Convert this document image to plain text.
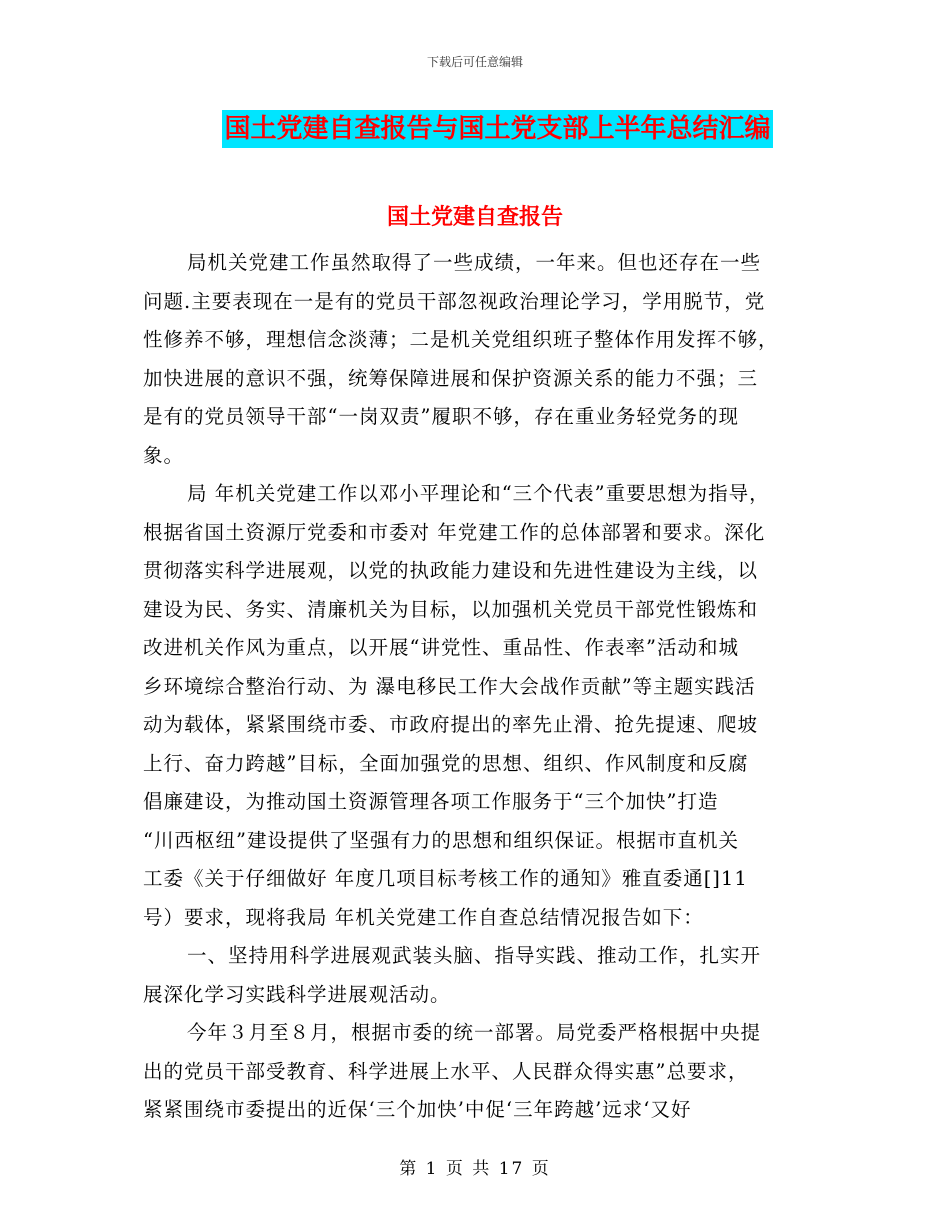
下载后可任意编辑
国土党建自查报告与国土党支部上半年总结汇编
国土党建自查报告
局机关党建工作虽然取得了一些成绩，一年来。但也还存在一些
问题.主要表现在一是有的党员干部忽视政治理论学习，学用脱节，党
性修养不够，理想信念淡薄；二是机关党组织班子整体作用发挥不够，
加快进展的意识不强，统筹保障进展和保护资源关系的能力不强；三
是有的党员领导干部“一岗双责”履职不够，存在重业务轻党务的现
象。
局 年机关党建工作以邓小平理论和“三个代表”重要思想为指导，
根据省国土资源厅党委和市委对 年党建工作的总体部署和要求。深化
贯彻落实科学进展观，以党的执政能力建设和先进性建设为主线，以
建设为民、务实、清廉机关为目标，以加强机关党员干部党性锻炼和
改进机关作风为重点，以开展“讲党性、重品性、作表率”活动和城
乡环境综合整治行动、为 瀑电移民工作大会战作贡献”等主题实践活
动为载体，紧紧围绕市委、市政府提出的率先止滑、抢先提速、爬坡
上行、奋力跨越”目标，全面加强党的思想、组织、作风制度和反腐
倡廉建设，为推动国土资源管理各项工作服务于“三个加快”打造
“川西枢纽”建设提供了坚强有力的思想和组织保证。根据市直机关
工委《关于仔细做好 年度几项目标考核工作的通知》雅直委通[]11
号）要求，现将我局 年机关党建工作自查总结情况报告如下：
一、坚持用科学进展观武装头脑、指导实践、推动工作，扎实开
展深化学习实践科学进展观活动。
今年３月至８月，根据市委的统一部署。局党委严格根据中央提
出的党员干部受教育、科学进展上水平、人民群众得实惠”总要求，
紧紧围绕市委提出的近保‘三个加快’中促‘三年跨越’远求‘又好
第 1 页 共 17 页
